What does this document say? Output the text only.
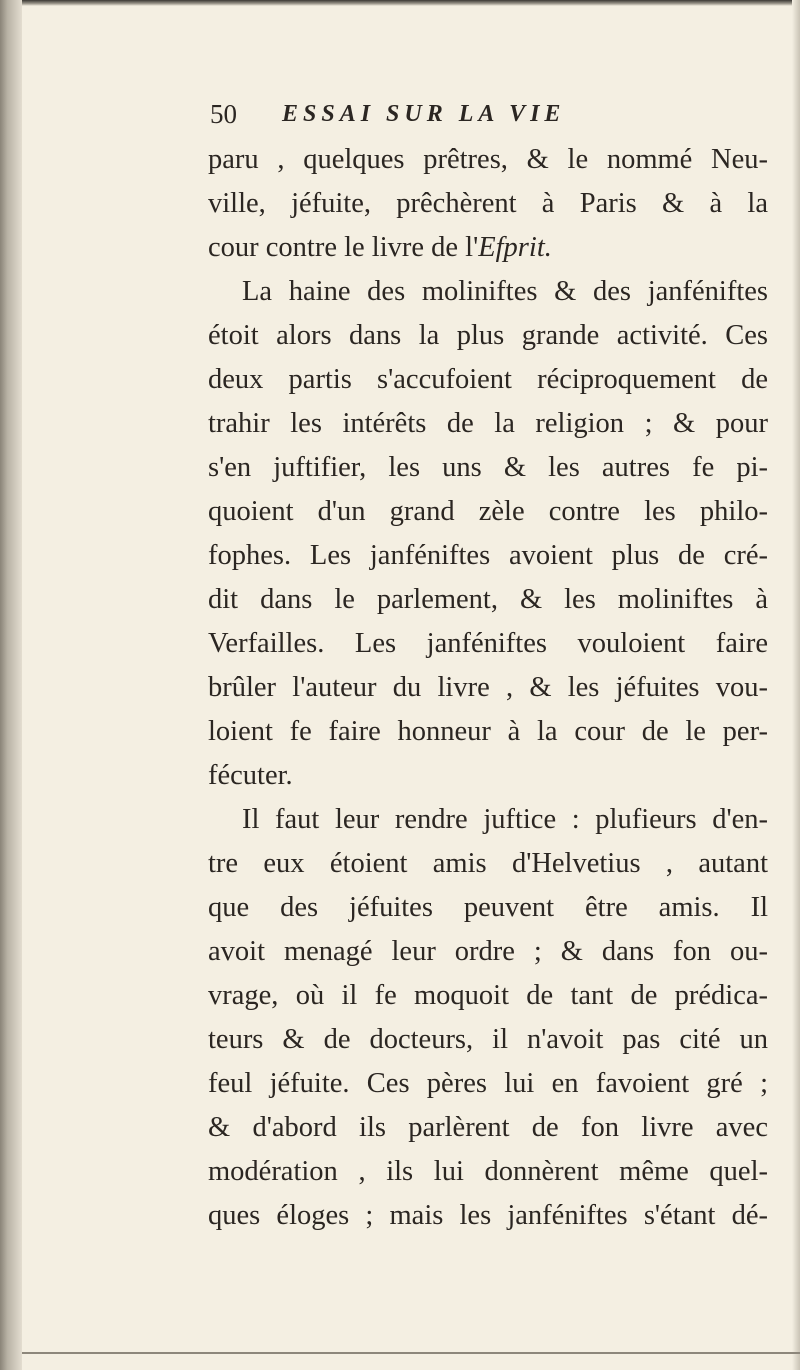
50 ESSAI SUR LA VIE
paru , quelques prêtres, & le nommé Neu-
ville, jéfuite, prêchèrent à Paris & à la
cour contre le livre de l'Efprit.
La haine des moliniftes & des janféniftes
étoit alors dans la plus grande activité. Ces
deux partis s'accufoient réciproquement de
trahir les intérêts de la religion ; & pour
s'en juftifier, les uns & les autres fe pi-
quoient d'un grand zèle contre les philo-
fophes. Les janféniftes avoient plus de cré-
dit dans le parlement, & les moliniftes à
Verfailles. Les janféniftes vouloient faire
brûler l'auteur du livre , & les jéfuites vou-
loient fe faire honneur à la cour de le per-
fécuter.
Il faut leur rendre juftice : plufieurs d'en-
tre eux étoient amis d'Helvetius , autant
que des jéfuites peuvent être amis. Il
avoit menagé leur ordre ; & dans fon ou-
vrage, où il fe moquoit de tant de prédica-
teurs & de docteurs, il n'avoit pas cité un
feul jéfuite. Ces pères lui en favoient gré ;
& d'abord ils parlèrent de fon livre avec
modération , ils lui donnèrent même quel-
ques éloges ; mais les janféniftes s'étant dé-
